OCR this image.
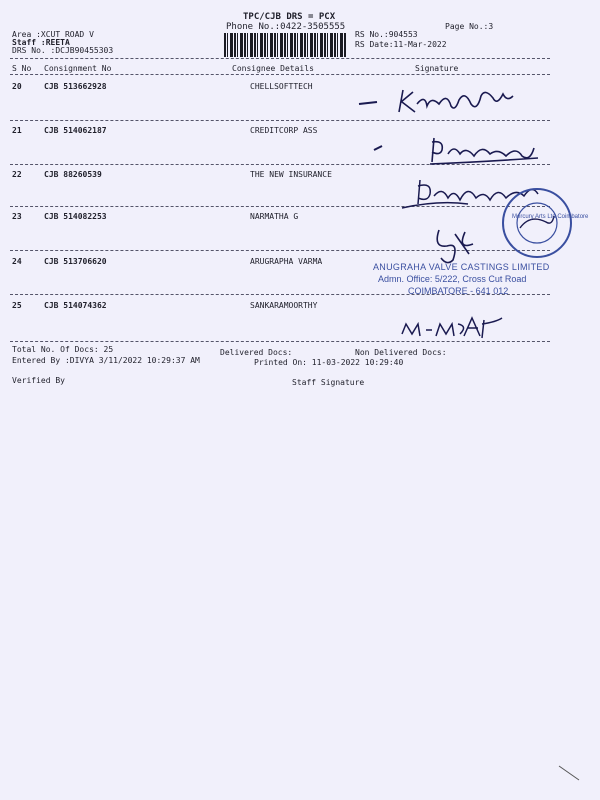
TPC/CJB DRS = PCX
Phone No.:0422-3505555
Area :XCUT ROAD V
Staff :REETA
DRS No. :DCJB90455303
RS No.:904553
RS Date:11-Mar-2022
Page No.:3
S No Consignment No	Consignee Details	Signature
20	CJB 513662928	CHELLSOFTTECH
21	CJB 514062187	CREDITCORP ASS
22	CJB 88260539	THE NEW INSURANCE
23	CJB 514082253	NARMATHA G
24	CJB 513706620	ARUGRAPHA VARMA
25	CJB 514074362	SANKARAMOORTHY
Total No. Of Docs: 25	Delivered Docs:	Non Delivered Docs:
Entered By :DIVYA 3/11/2022 10:29:37 AM	Printed On: 11-03-2022 10:29:40
Verified By	Staff Signature
Mercury Arts Ltd Coimbatore
ANUGRAHA VALVE CASTINGS LIMITED
Admn. Office: 5/222, Cross Cut Road
COIMBATORE - 641 012
